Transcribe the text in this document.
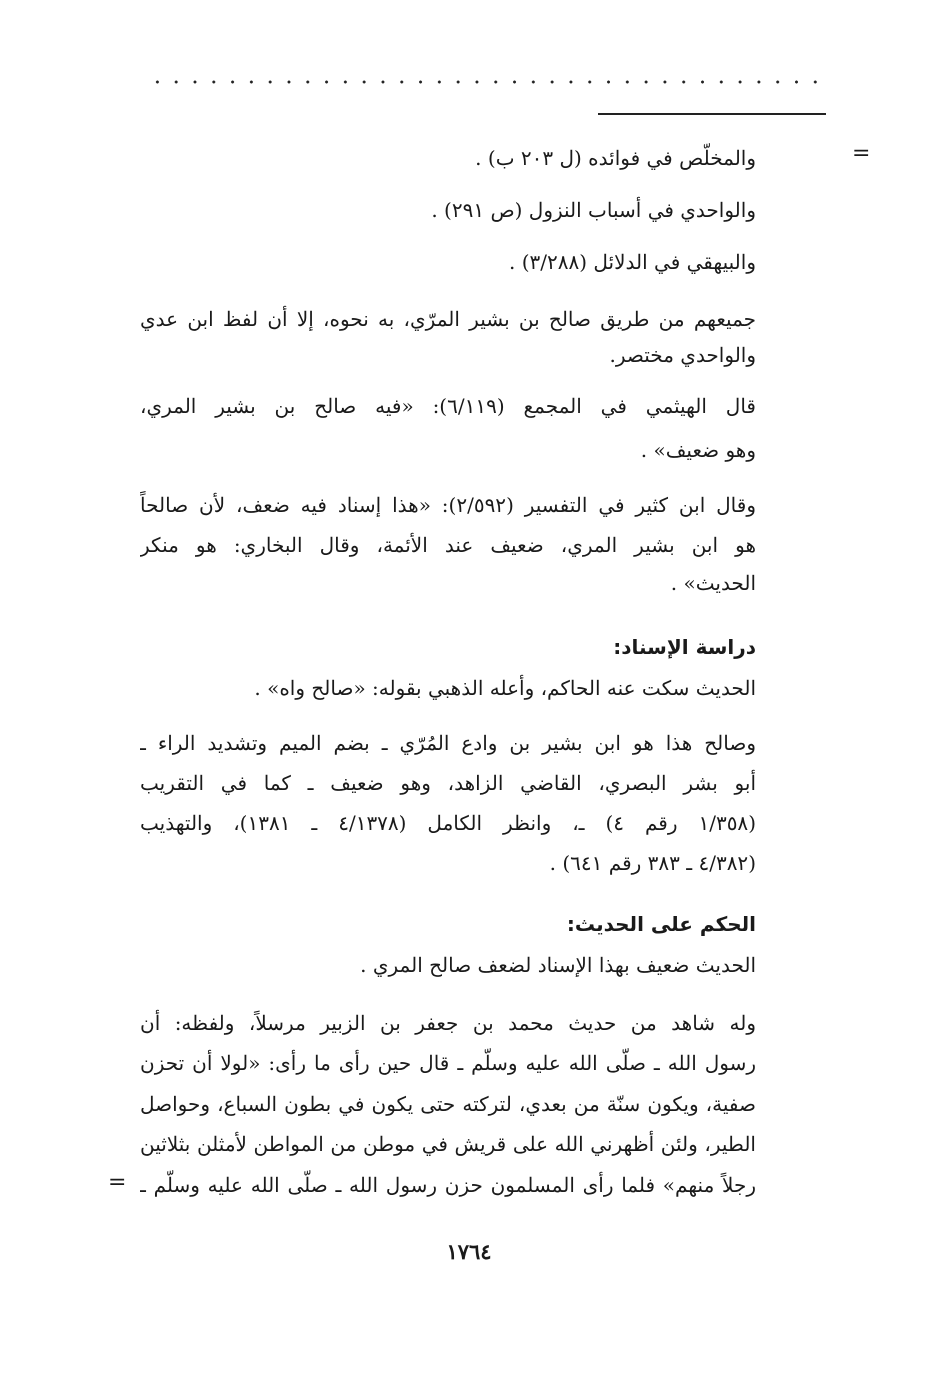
=
والمخلّص في فوائده (ل ٢٠٣ ب) .
والواحدي في أسباب النزول (ص ٢٩١) .
والبيهقي في الدلائل (٣/٢٨٨) .
جميعهم من طريق صالح بن بشير المرّي، به نحوه، إلا أن لفظ ابن عدي
والواحدي مختصر.
قال الهيثمي في المجمع (٦/١١٩): «فيه صالح بن بشير المري،
وهو ضعيف» .
وقال ابن كثير في التفسير (٢/٥٩٢): «هذا إسناد فيه ضعف، لأن صالحاً
هو ابن بشير المري، ضعيف عند الأئمة، وقال البخاري: هو منكر
الحديث» .
دراسة الإسناد:
الحديث سكت عنه الحاكم، وأعله الذهبي بقوله: «صالح واه» .
وصالح هذا هو ابن بشير بن وادع المُرّي ـ بضم الميم وتشديد الراء ـ
أبو بشر البصري، القاضي الزاهد، وهو ضعيف ـ كما في التقريب
(١/٣٥٨ رقم ٤) ـ، وانظر الكامل (٤/١٣٧٨ ـ ١٣٨١)، والتهذيب
(٤/٣٨٢ ـ ٣٨٣ رقم ٦٤١) .
الحكم على الحديث:
الحديث ضعيف بهذا الإسناد لضعف صالح المري .
وله شاهد من حديث محمد بن جعفر بن الزبير مرسلاً، ولفظه: أن
رسول الله ـ صلّى الله عليه وسلّم ـ قال حين رأى ما رأى: «لولا أن تحزن
صفية، ويكون سنّة من بعدي، لتركته حتى يكون في بطون السباع، وحواصل
الطير، ولئن أظهرني الله على قريش في موطن من المواطن لأمثلن بثلاثين
رجلاً منهم» فلما رأى المسلمون حزن رسول الله ـ صلّى الله عليه وسلّم ـ
=
١٧٦٤
